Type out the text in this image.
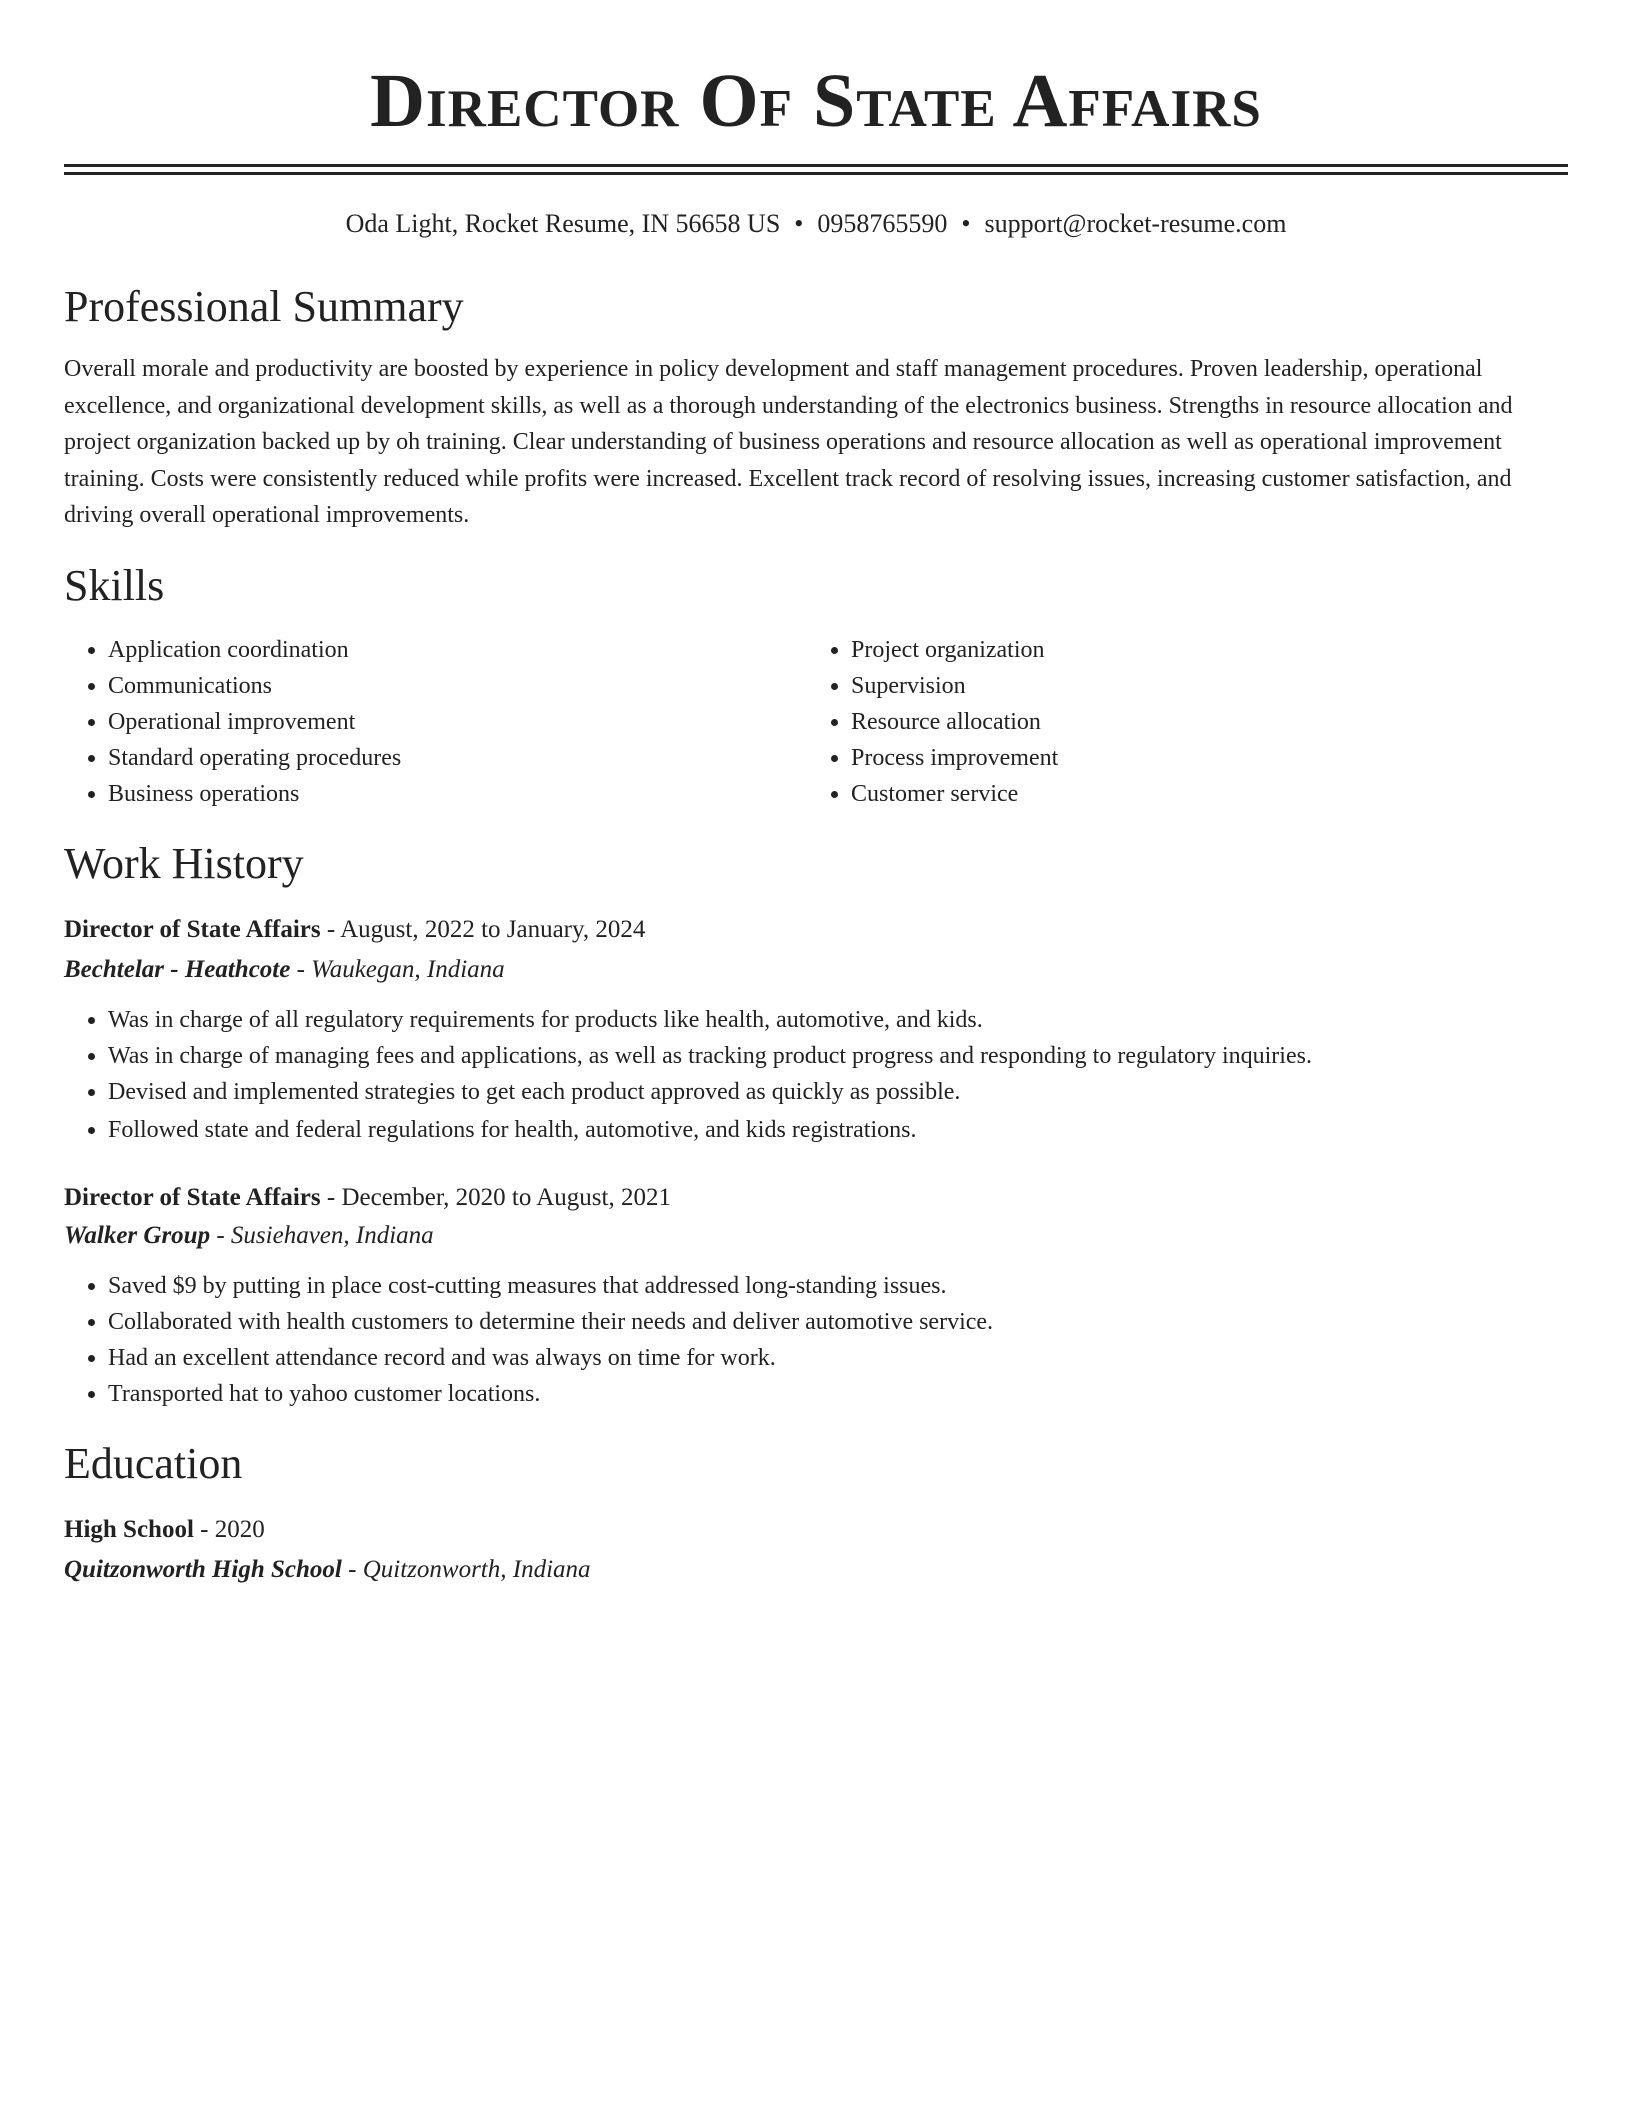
Director Of State Affairs
Oda Light, Rocket Resume, IN 56658 US • 0958765590 • support@rocket-resume.com
Professional Summary

Overall morale and productivity are boosted by experience in policy development and staff management procedures. Proven leadership, operational excellence, and organizational development skills, as well as a thorough understanding of the electronics business. Strengths in resource allocation and project organization backed up by oh training. Clear understanding of business operations and resource allocation as well as operational improvement training. Costs were consistently reduced while profits were increased. Excellent track record of resolving issues, increasing customer satisfaction, and driving overall operational improvements.

Skills
• Application coordination
• Communications
• Operational improvement
• Standard operating procedures
• Business operations
• Project organization
• Supervision
• Resource allocation
• Process improvement
• Customer service
Work History
Director of State Affairs - August, 2022 to January, 2024
Bechtelar - Heathcote - Waukegan, Indiana
• Was in charge of all regulatory requirements for products like health, automotive, and kids.
• Was in charge of managing fees and applications, as well as tracking product progress and responding to regulatory inquiries.
• Devised and implemented strategies to get each product approved as quickly as possible.
• Followed state and federal regulations for health, automotive, and kids registrations.
Director of State Affairs - December, 2020 to August, 2021
Walker Group - Susiehaven, Indiana
• Saved $9 by putting in place cost-cutting measures that addressed long-standing issues.
• Collaborated with health customers to determine their needs and deliver automotive service.
• Had an excellent attendance record and was always on time for work.
• Transported hat to yahoo customer locations.
Education
High School - 2020
Quitzonworth High School - Quitzonworth, Indiana
